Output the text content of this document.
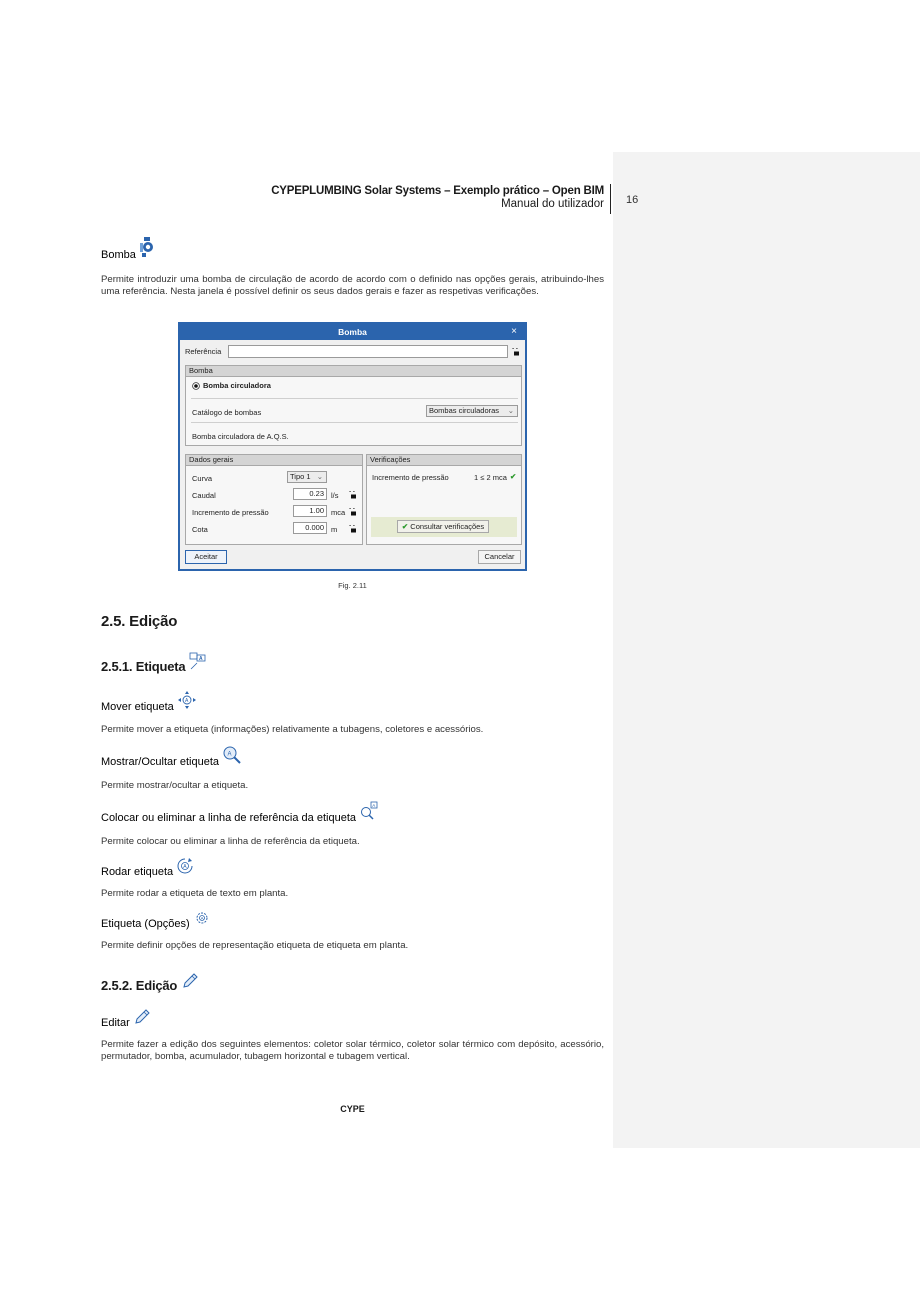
CYPEPLUMBING Solar Systems – Exemplo prático – Open BIM
Manual do utilizador 16
Bomba
Permite introduzir uma bomba de circulação de acordo de acordo com o definido nas opções gerais, atribuindo-lhes uma referência. Nesta janela é possível definir os seus dados gerais e fazer as respetivas verificações.
Bomba	×
Referência
Bomba
Bomba circuladora
Catálogo de bombas	Bombas circuladoras ⌄
Bomba circuladora de A.Q.S.
Dados gerais
Curva	Tipo 1 ⌄
Caudal	0.23 l/s
Incremento de pressão	1.00 mca
Cota	0.000 m
Verificações
Incremento de pressão	1 ≤ 2 mca ✔
✔ Consultar verificações
Aceitar	Cancelar
Fig. 2.11
2.5. Edição
2.5.1. Etiqueta	A
Mover etiqueta A
Permite mover a etiqueta (informações) relativamente a tubagens, coletores e acessórios.
Mostrar/Ocultar etiqueta
A
Permite mostrar/ocultar a etiqueta.
Colocar ou eliminar a linha de referência da etiqueta
A
Permite colocar ou eliminar a linha de referência da etiqueta.
Rodar etiqueta A
Permite rodar a etiqueta de texto em planta.
Etiqueta (Opções)	A
Permite definir opções de representação etiqueta de etiqueta em planta.
2.5.2. Edição
Editar
Permite fazer a edição dos seguintes elementos: coletor solar térmico, coletor solar térmico com depósito, acessório, permutador, bomba, acumulador, tubagem horizontal e tubagem vertical.
CYPE
